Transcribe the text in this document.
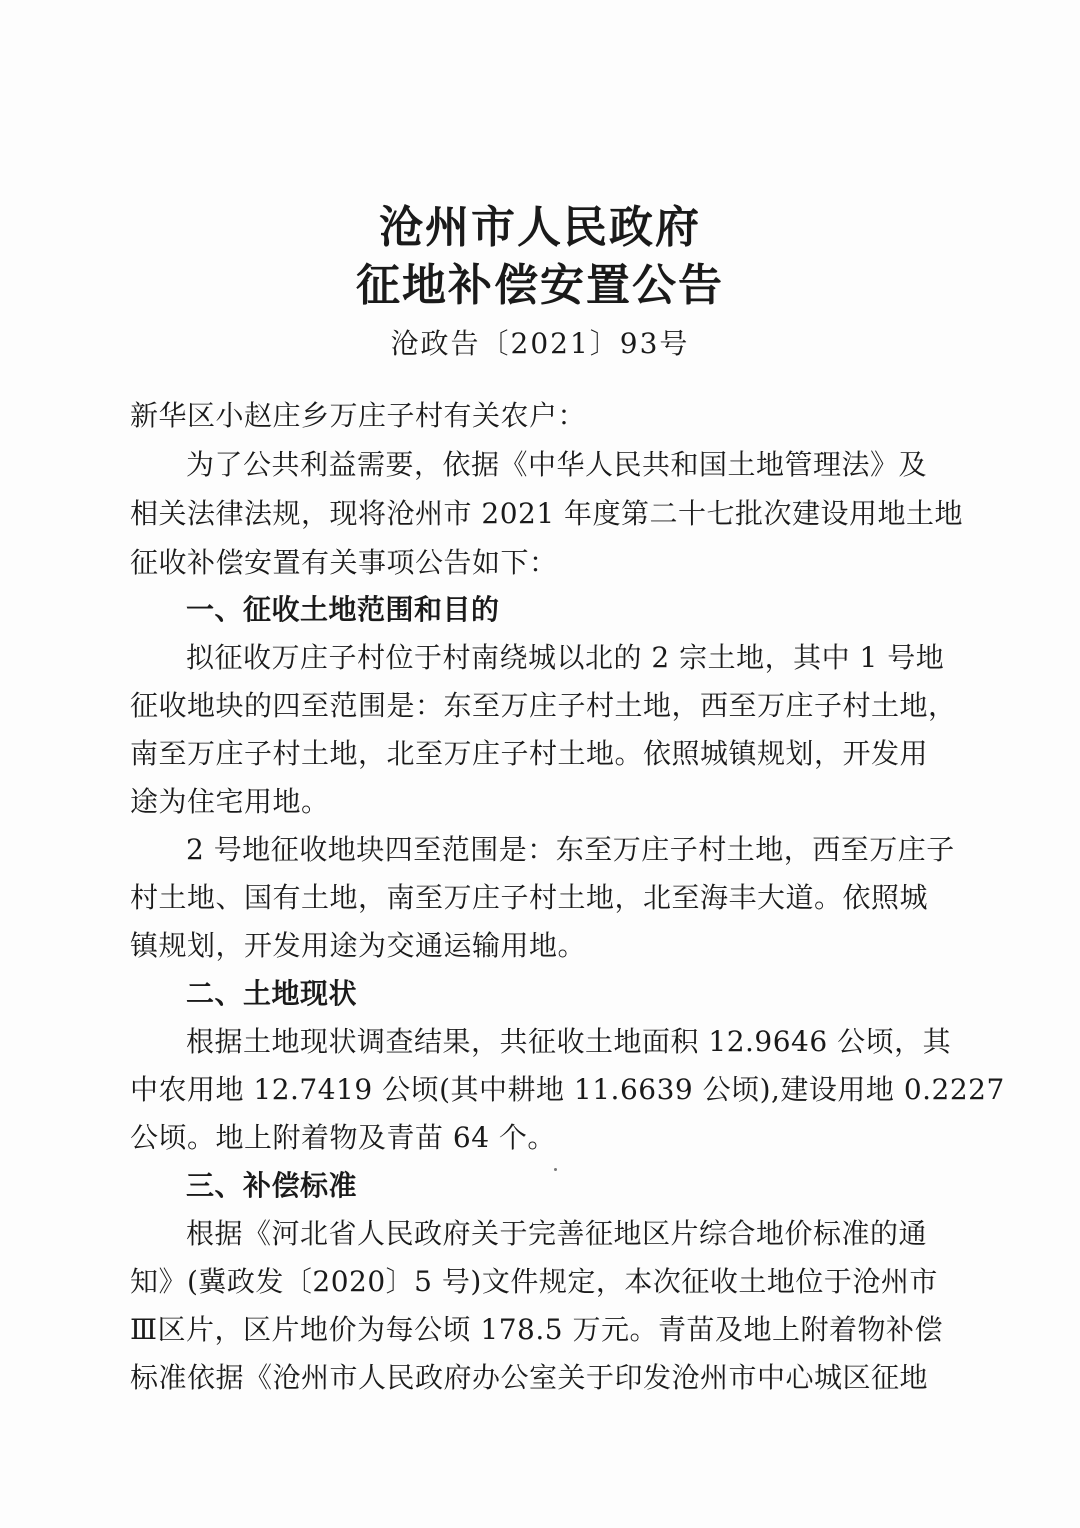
沧州市人民政府
征地补偿安置公告
沧政告〔2021〕93号
新华区小赵庄乡万庄子村有关农户：
为了公共利益需要，依据《中华人民共和国土地管理法》及
相关法律法规，现将沧州市 2021 年度第二十七批次建设用地土地
征收补偿安置有关事项公告如下：
一、征收土地范围和目的
拟征收万庄子村位于村南绕城以北的 2 宗土地，其中 1 号地
征收地块的四至范围是：东至万庄子村土地，西至万庄子村土地，
南至万庄子村土地，北至万庄子村土地。依照城镇规划，开发用
途为住宅用地。
2 号地征收地块四至范围是：东至万庄子村土地，西至万庄子
村土地、国有土地，南至万庄子村土地，北至海丰大道。依照城
镇规划，开发用途为交通运输用地。
二、土地现状
根据土地现状调查结果，共征收土地面积 12.9646 公顷，其
中农用地 12.7419 公顷(其中耕地 11.6639 公顷),建设用地 0.2227
公顷。地上附着物及青苗 64 个。
三、补偿标准
根据《河北省人民政府关于完善征地区片综合地价标准的通
知》(冀政发〔2020〕5 号)文件规定，本次征收土地位于沧州市
Ⅲ区片，区片地价为每公顷 178.5 万元。青苗及地上附着物补偿
标准依据《沧州市人民政府办公室关于印发沧州市中心城区征地
